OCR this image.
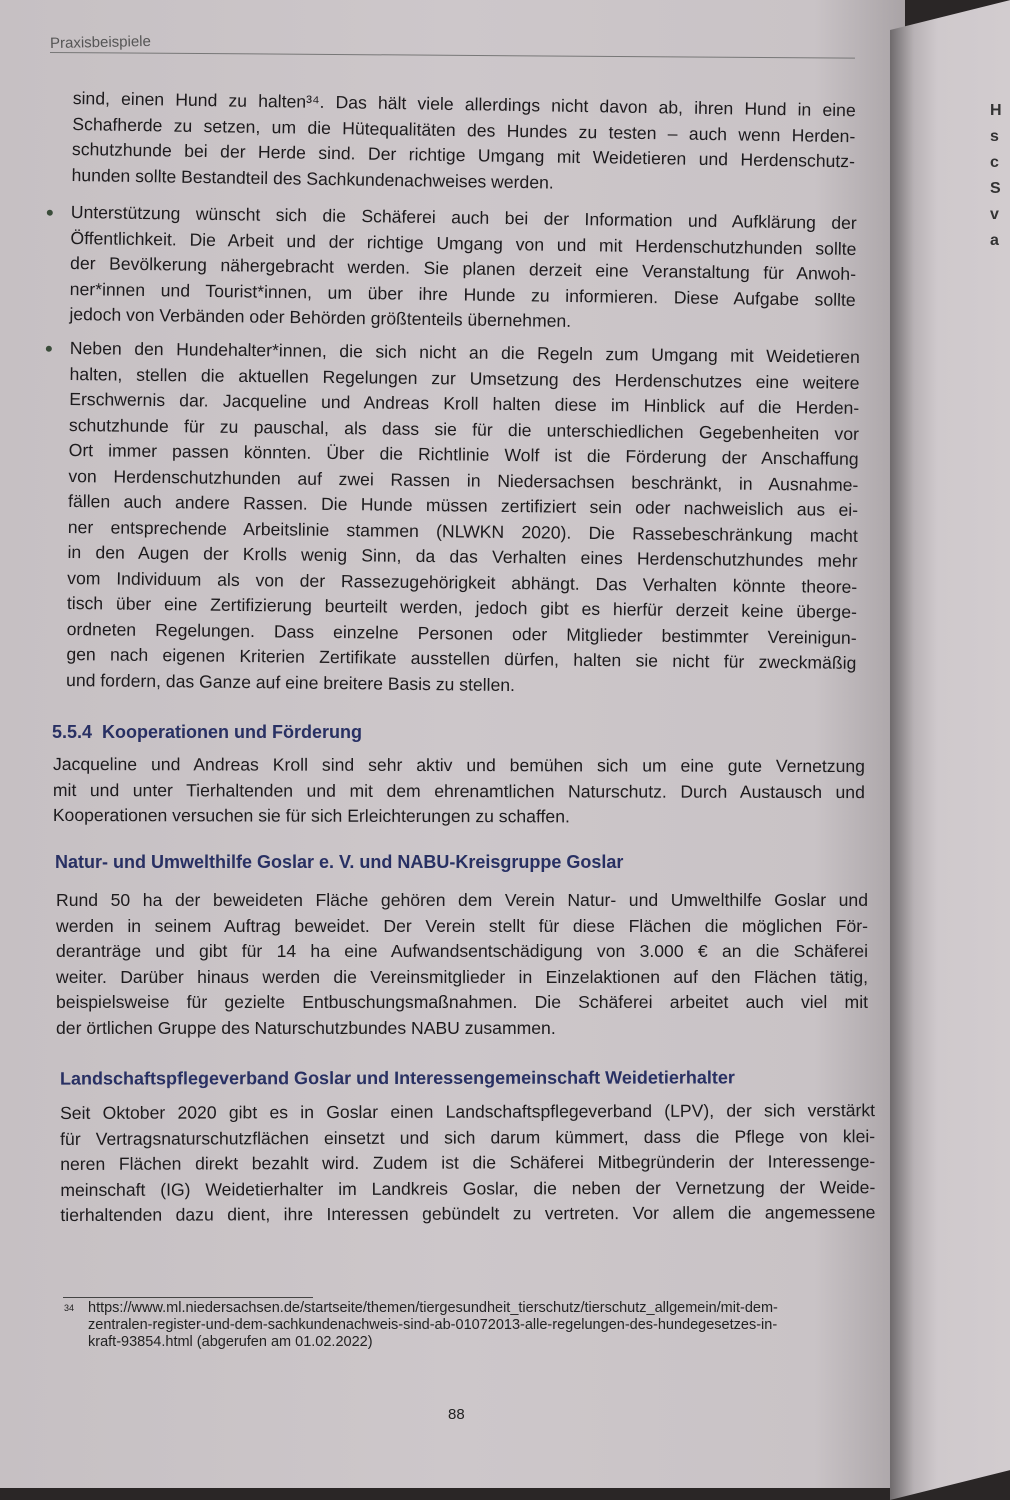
Praxisbeispiele
sind, einen Hund zu halten³⁴. Das hält viele allerdings nicht davon ab, ihren Hund in eine
Schafherde zu setzen, um die Hütequalitäten des Hundes zu testen – auch wenn Herden-
schutzhunde bei der Herde sind. Der richtige Umgang mit Weidetieren und Herdenschutz-
hunden sollte Bestandteil des Sachkundenachweises werden.
Unterstützung wünscht sich die Schäferei auch bei der Information und Aufklärung der
Öffentlichkeit. Die Arbeit und der richtige Umgang von und mit Herdenschutzhunden sollte
der Bevölkerung nähergebracht werden. Sie planen derzeit eine Veranstaltung für Anwoh-
ner*innen und Tourist*innen, um über ihre Hunde zu informieren. Diese Aufgabe sollte
jedoch von Verbänden oder Behörden größtenteils übernehmen.
Neben den Hundehalter*innen, die sich nicht an die Regeln zum Umgang mit Weidetieren
halten, stellen die aktuellen Regelungen zur Umsetzung des Herdenschutzes eine weitere
Erschwernis dar. Jacqueline und Andreas Kroll halten diese im Hinblick auf die Herden-
schutzhunde für zu pauschal, als dass sie für die unterschiedlichen Gegebenheiten vor
Ort immer passen könnten. Über die Richtlinie Wolf ist die Förderung der Anschaffung
von Herdenschutzhunden auf zwei Rassen in Niedersachsen beschränkt, in Ausnahme-
fällen auch andere Rassen. Die Hunde müssen zertifiziert sein oder nachweislich aus ei-
ner entsprechende Arbeitslinie stammen (NLWKN 2020). Die Rassebeschränkung macht
in den Augen der Krolls wenig Sinn, da das Verhalten eines Herdenschutzhundes mehr
vom Individuum als von der Rassezugehörigkeit abhängt. Das Verhalten könnte theore-
tisch über eine Zertifizierung beurteilt werden, jedoch gibt es hierfür derzeit keine überge-
ordneten Regelungen. Dass einzelne Personen oder Mitglieder bestimmter Vereinigun-
gen nach eigenen Kriterien Zertifikate ausstellen dürfen, halten sie nicht für zweckmäßig
und fordern, das Ganze auf eine breitere Basis zu stellen.
5.5.4  Kooperationen und Förderung
Jacqueline und Andreas Kroll sind sehr aktiv und bemühen sich um eine gute Vernetzung
mit und unter Tierhaltenden und mit dem ehrenamtlichen Naturschutz. Durch Austausch und
Kooperationen versuchen sie für sich Erleichterungen zu schaffen.
Natur- und Umwelthilfe Goslar e. V. und NABU-Kreisgruppe Goslar
Rund 50 ha der beweideten Fläche gehören dem Verein Natur- und Umwelthilfe Goslar und
werden in seinem Auftrag beweidet. Der Verein stellt für diese Flächen die möglichen För-
deranträge und gibt für 14 ha eine Aufwandsentschädigung von 3.000 € an die Schäferei
weiter. Darüber hinaus werden die Vereinsmitglieder in Einzelaktionen auf den Flächen tätig,
beispielsweise für gezielte Entbuschungsmaßnahmen. Die Schäferei arbeitet auch viel mit
der örtlichen Gruppe des Naturschutzbundes NABU zusammen.
Landschaftspflegeverband Goslar und Interessengemeinschaft Weidetierhalter
Seit Oktober 2020 gibt es in Goslar einen Landschaftspflegeverband (LPV), der sich verstärkt
für Vertragsnaturschutzflächen einsetzt und sich darum kümmert, dass die Pflege von klei-
neren Flächen direkt bezahlt wird. Zudem ist die Schäferei Mitbegründerin der Interessenge-
meinschaft (IG) Weidetierhalter im Landkreis Goslar, die neben der Vernetzung der Weide-
tierhaltenden dazu dient, ihre Interessen gebündelt zu vertreten. Vor allem die angemessene
34 https://www.ml.niedersachsen.de/startseite/themen/tiergesundheit_tierschutz/tierschutz_allgemein/mit-dem-
zentralen-register-und-dem-sachkundenachweis-sind-ab-01072013-alle-regelungen-des-hundegesetzes-in-
kraft-93854.html (abgerufen am 01.02.2022)
88
H
s
c
S
v
a
